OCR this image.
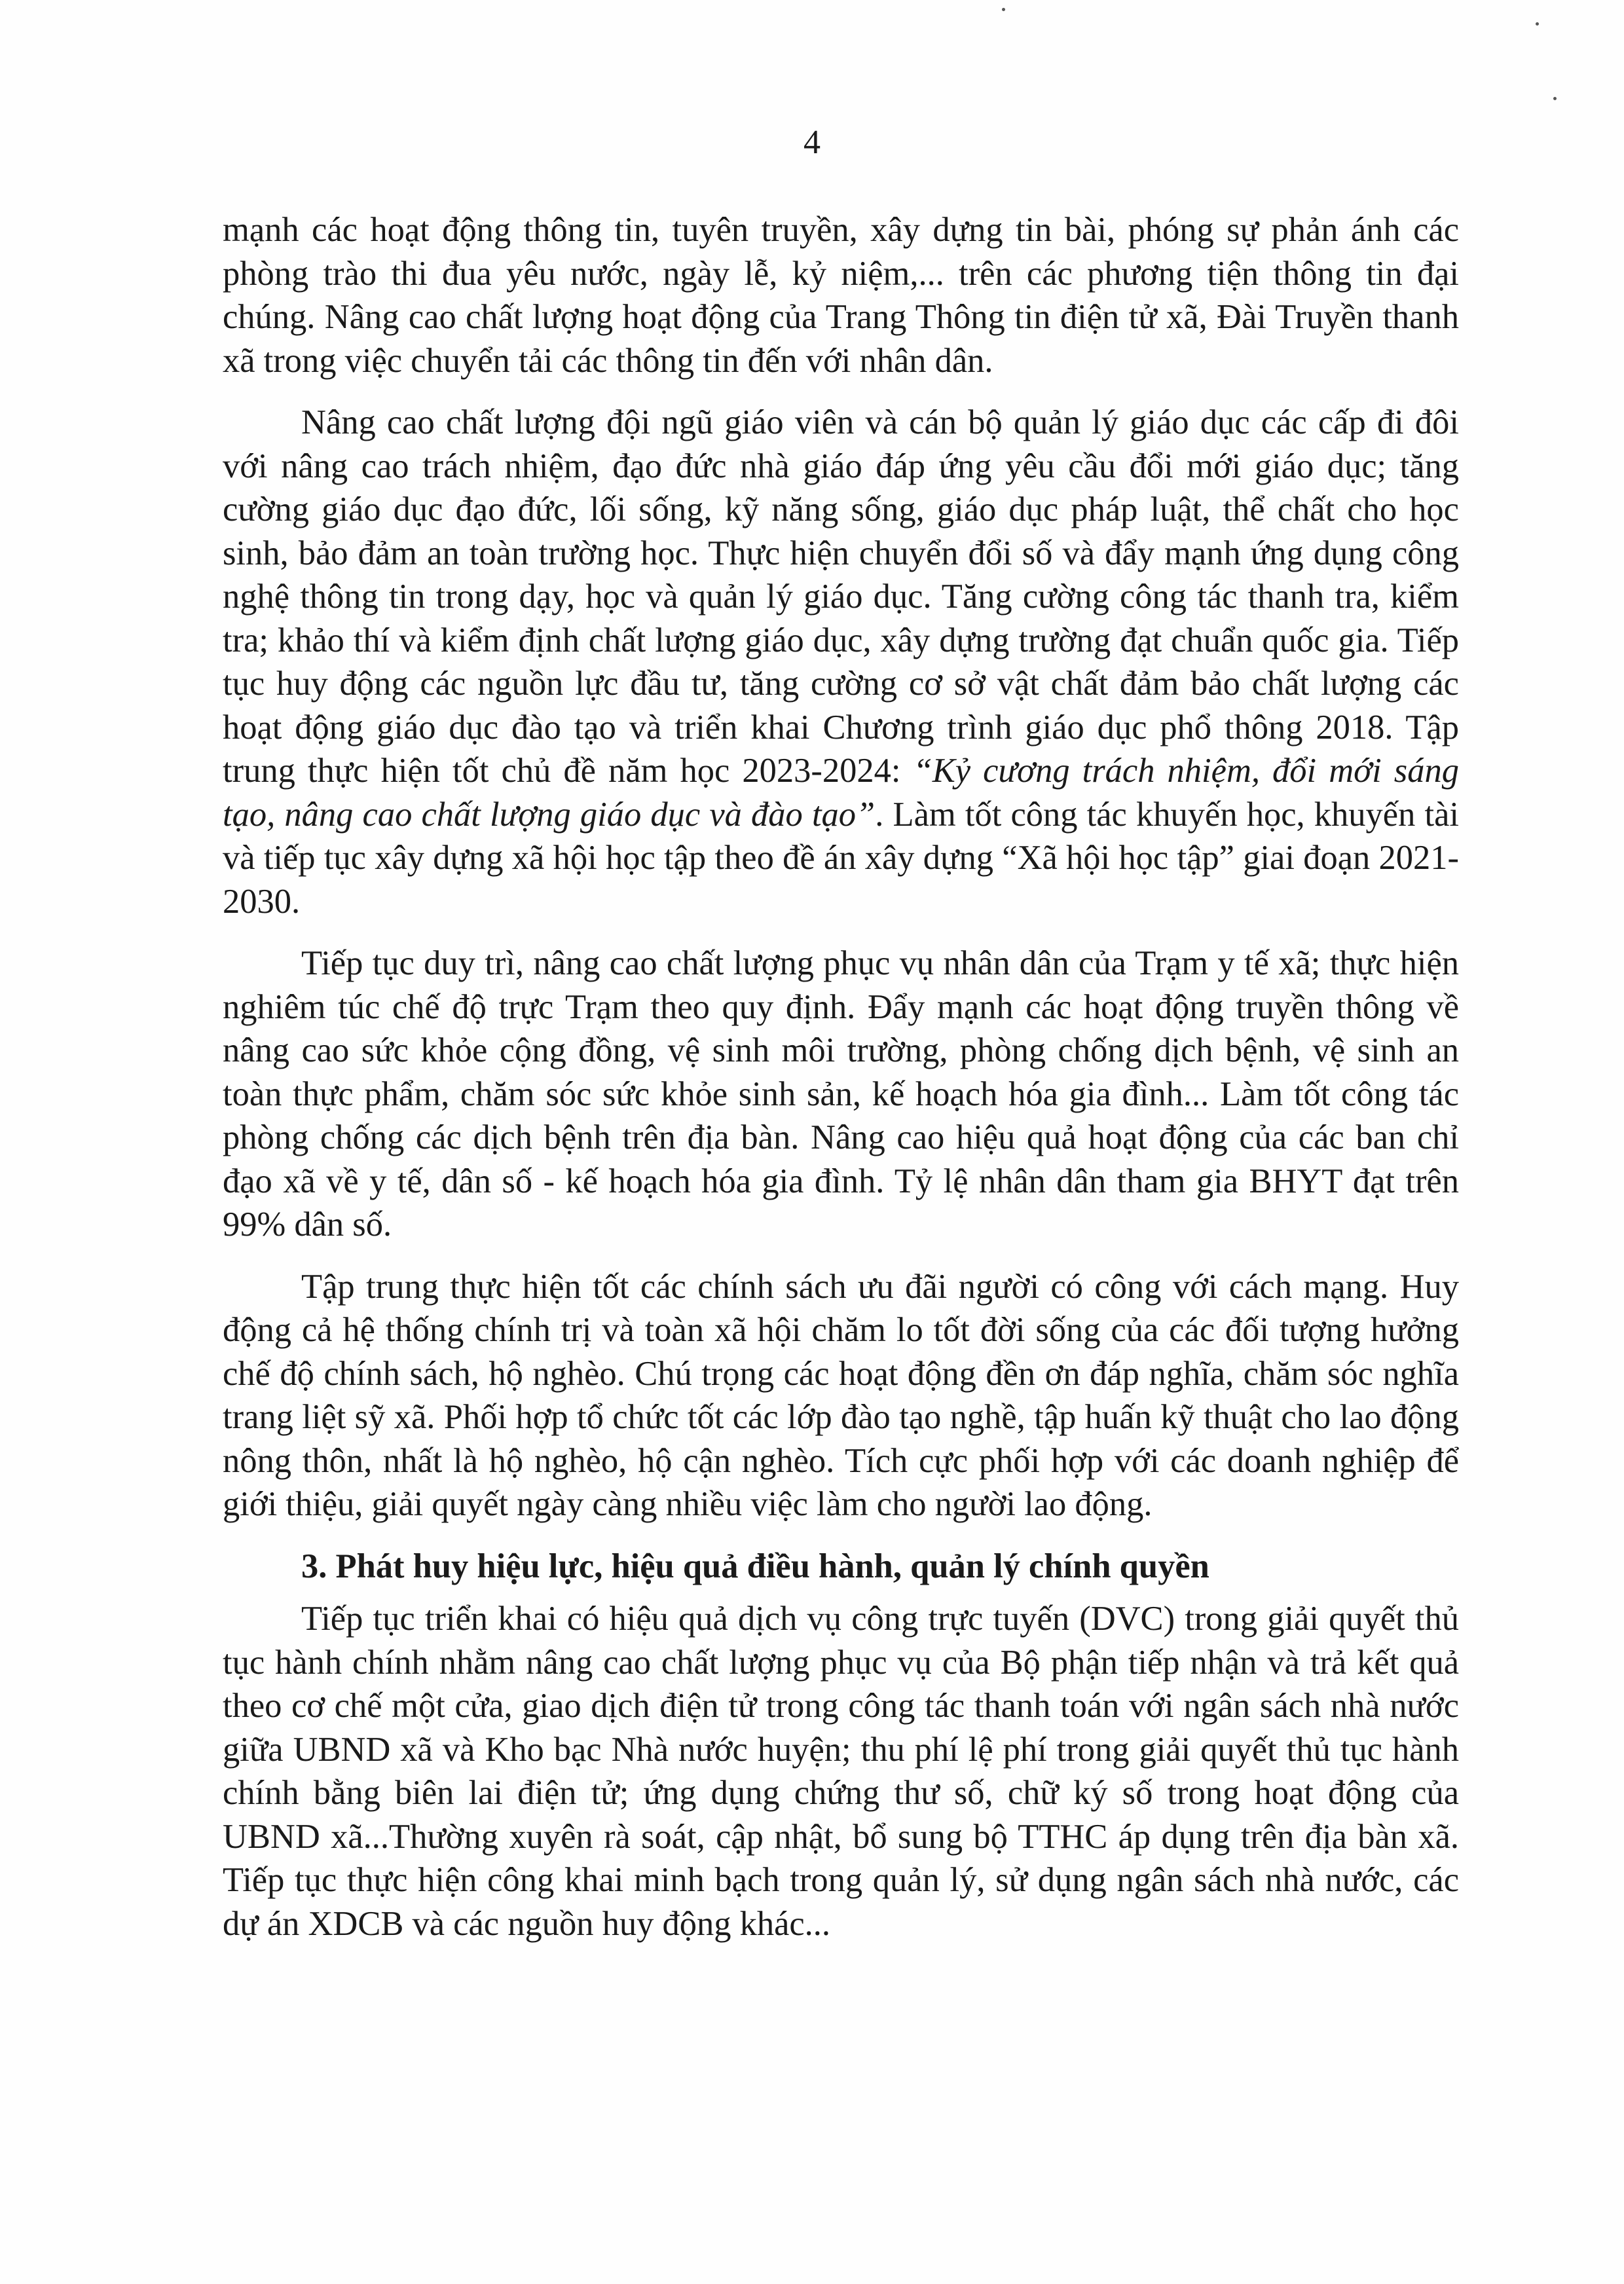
4

mạnh các hoạt động thông tin, tuyên truyền, xây dựng tin bài, phóng sự phản ánh các phòng trào thi đua yêu nước, ngày lễ, kỷ niệm,... trên các phương tiện thông tin đại chúng. Nâng cao chất lượng hoạt động của Trang Thông tin điện tử xã, Đài Truyền thanh xã trong việc chuyển tải các thông tin đến với nhân dân.

Nâng cao chất lượng đội ngũ giáo viên và cán bộ quản lý giáo dục các cấp đi đôi với nâng cao trách nhiệm, đạo đức nhà giáo đáp ứng yêu cầu đổi mới giáo dục; tăng cường giáo dục đạo đức, lối sống, kỹ năng sống, giáo dục pháp luật, thể chất cho học sinh, bảo đảm an toàn trường học. Thực hiện chuyển đổi số và đẩy mạnh ứng dụng công nghệ thông tin trong dạy, học và quản lý giáo dục. Tăng cường công tác thanh tra, kiểm tra; khảo thí và kiểm định chất lượng giáo dục, xây dựng trường đạt chuẩn quốc gia. Tiếp tục huy động các nguồn lực đầu tư, tăng cường cơ sở vật chất đảm bảo chất lượng các hoạt động giáo dục đào tạo và triển khai Chương trình giáo dục phổ thông 2018. Tập trung thực hiện tốt chủ đề năm học 2023-2024: “Kỷ cương trách nhiệm, đổi mới sáng tạo, nâng cao chất lượng giáo dục và đào tạo”. Làm tốt công tác khuyến học, khuyến tài và tiếp tục xây dựng xã hội học tập theo đề án xây dựng “Xã hội học tập” giai đoạn 2021-2030.

Tiếp tục duy trì, nâng cao chất lượng phục vụ nhân dân của Trạm y tế xã; thực hiện nghiêm túc chế độ trực Trạm theo quy định. Đẩy mạnh các hoạt động truyền thông về nâng cao sức khỏe cộng đồng, vệ sinh môi trường, phòng chống dịch bệnh, vệ sinh an toàn thực phẩm, chăm sóc sức khỏe sinh sản, kế hoạch hóa gia đình... Làm tốt công tác phòng chống các dịch bệnh trên địa bàn. Nâng cao hiệu quả hoạt động của các ban chỉ đạo xã về y tế, dân số - kế hoạch hóa gia đình. Tỷ lệ nhân dân tham gia BHYT đạt trên 99% dân số.

Tập trung thực hiện tốt các chính sách ưu đãi người có công với cách mạng. Huy động cả hệ thống chính trị và toàn xã hội chăm lo tốt đời sống của các đối tượng hưởng chế độ chính sách, hộ nghèo. Chú trọng các hoạt động đền ơn đáp nghĩa, chăm sóc nghĩa trang liệt sỹ xã. Phối hợp tổ chức tốt các lớp đào tạo nghề, tập huấn kỹ thuật cho lao động nông thôn, nhất là hộ nghèo, hộ cận nghèo. Tích cực phối hợp với các doanh nghiệp để giới thiệu, giải quyết ngày càng nhiều việc làm cho người lao động.

3. Phát huy hiệu lực, hiệu quả điều hành, quản lý chính quyền

Tiếp tục triển khai có hiệu quả dịch vụ công trực tuyến (DVC) trong giải quyết thủ tục hành chính nhằm nâng cao chất lượng phục vụ của Bộ phận tiếp nhận và trả kết quả theo cơ chế một cửa, giao dịch điện tử trong công tác thanh toán với ngân sách nhà nước giữa UBND xã và Kho bạc Nhà nước huyện; thu phí lệ phí trong giải quyết thủ tục hành chính bằng biên lai điện tử; ứng dụng chứng thư số, chữ ký số trong hoạt động của UBND xã...Thường xuyên rà soát, cập nhật, bổ sung bộ TTHC áp dụng trên địa bàn xã. Tiếp tục thực hiện công khai minh bạch trong quản lý, sử dụng ngân sách nhà nước, các dự án XDCB và các nguồn huy động khác...
